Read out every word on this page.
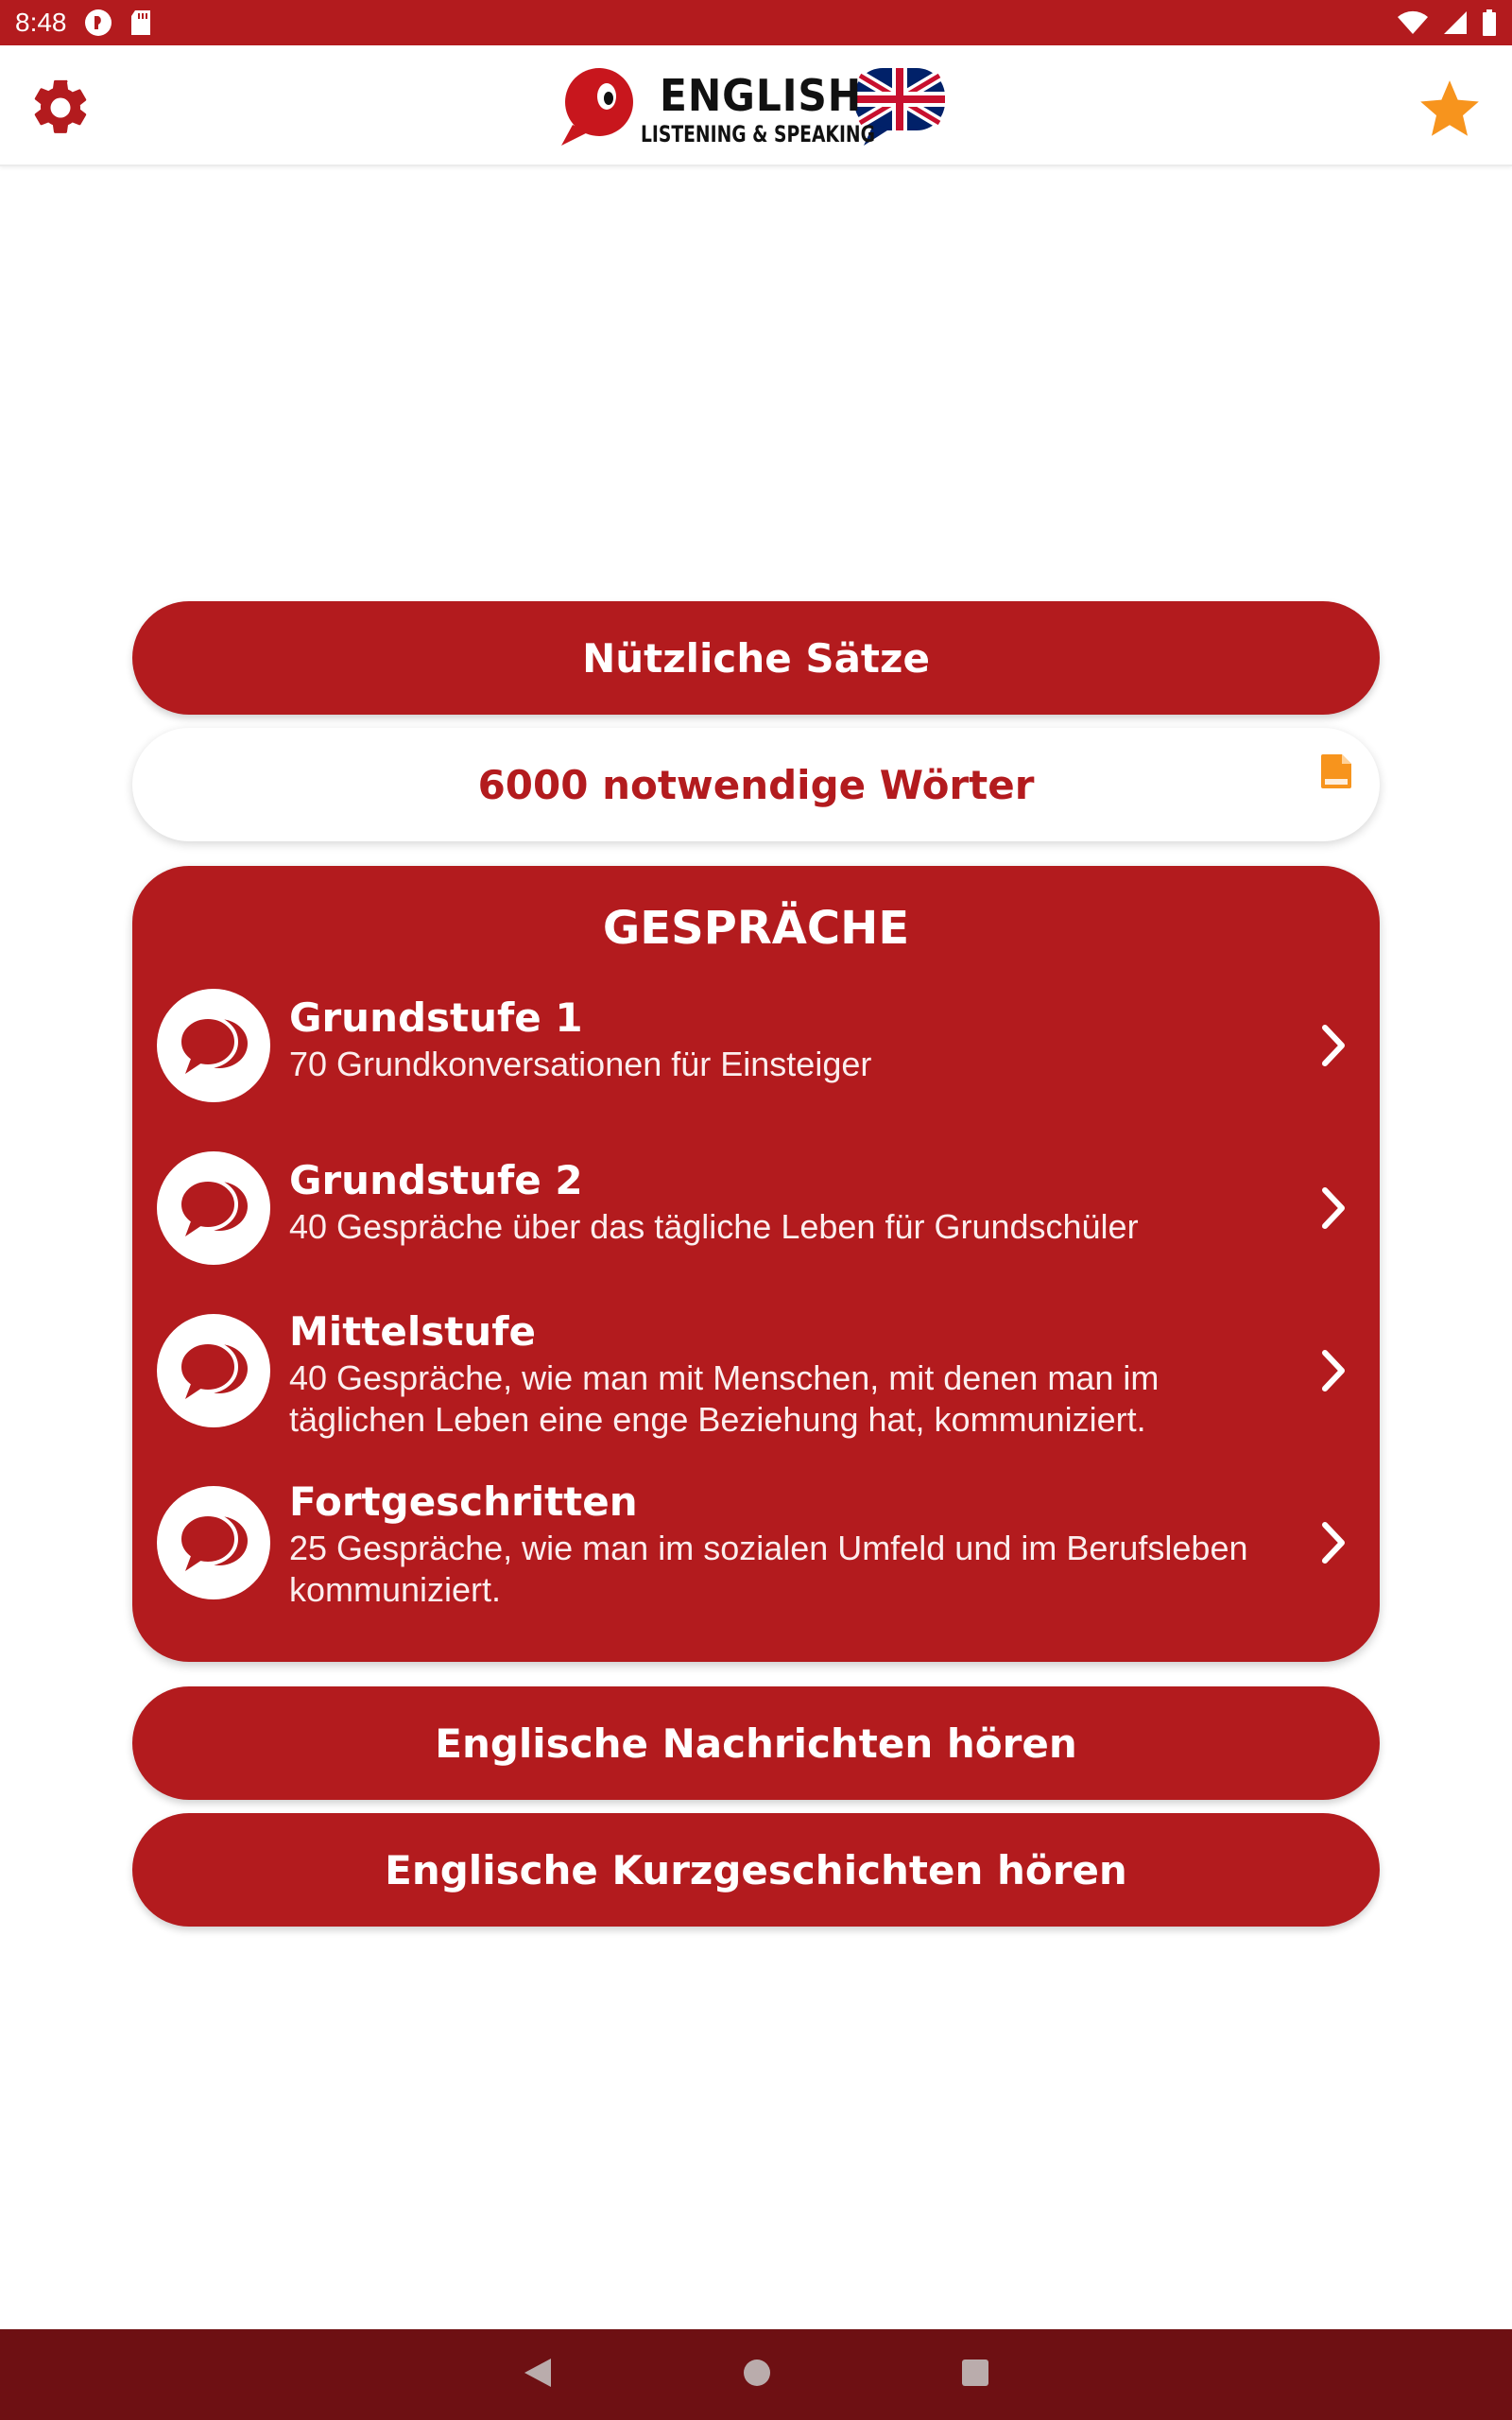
8:48
ENGLISH
LISTENING & SPEAKING
Nützliche Sätze
6000 notwendige Wörter
GESPRÄCHE
Grundstufe 1
70 Grundkonversationen für Einsteiger
Grundstufe 2
40 Gespräche über das tägliche Leben für Grundschüler
Mittelstufe
40 Gespräche, wie man mit Menschen, mit denen man im täglichen Leben eine enge Beziehung hat, kommuniziert.
Fortgeschritten
25 Gespräche, wie man im sozialen Umfeld und im Berufsleben kommuniziert.
Englische Nachrichten hören
Englische Kurzgeschichten hören
